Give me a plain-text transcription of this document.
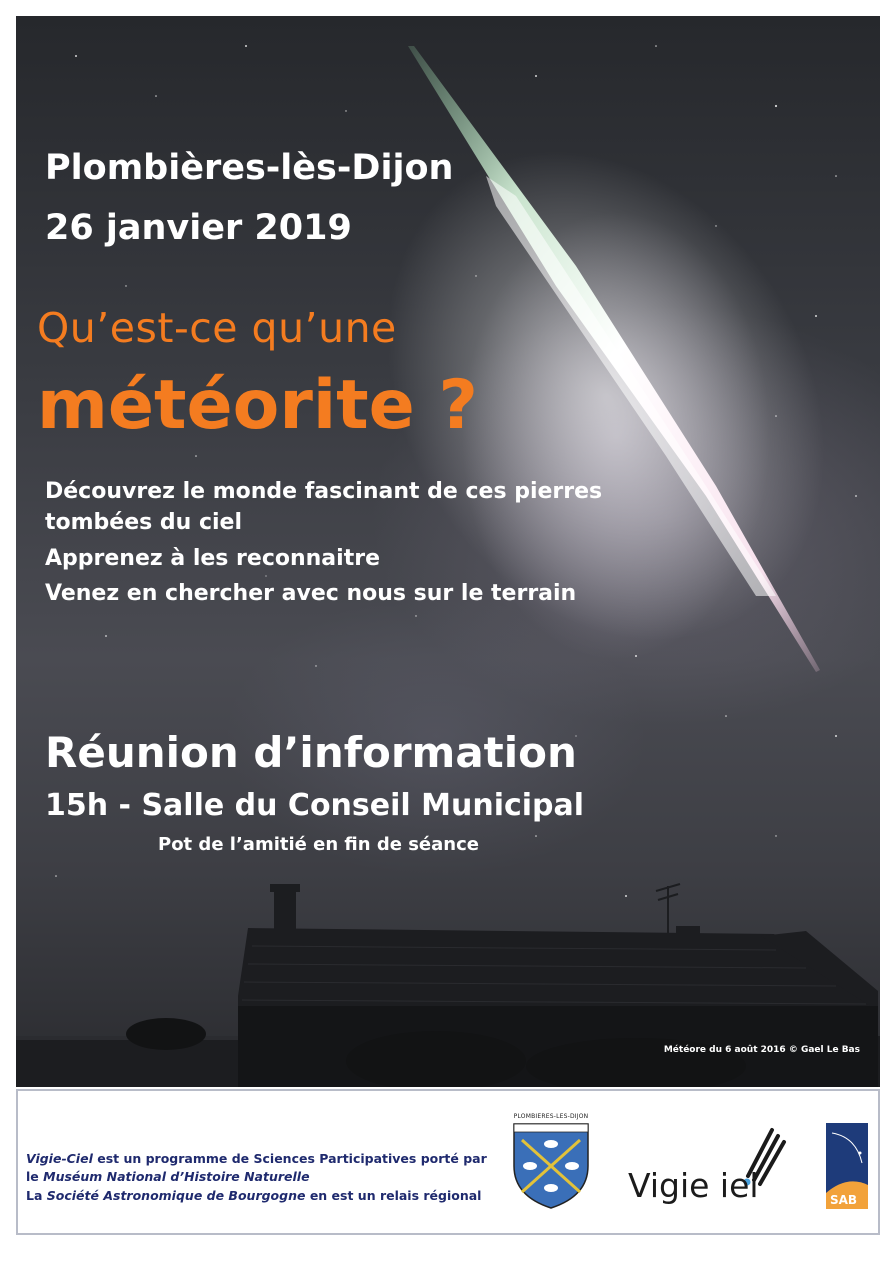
Plombières-lès-Dijon
26 janvier 2019
Qu’est-ce qu’une
météorite ?
Découvrez le monde fascinant de ces pierres
tombées du ciel
Apprenez à les reconnaitre
Venez en chercher avec nous sur le terrain
Réunion d’information
15h - Salle du Conseil Municipal
Pot de l’amitié en fin de séance
Météore du 6 août 2016 © Gael Le Bas
Vigie-Ciel est un programme de Sciences Participatives porté par
le Muséum National d’Histoire Naturelle
La Société Astronomique de Bourgogne en est un relais régional
PLOMBIERES-LES-DIJON
Vigie iel	SAB
